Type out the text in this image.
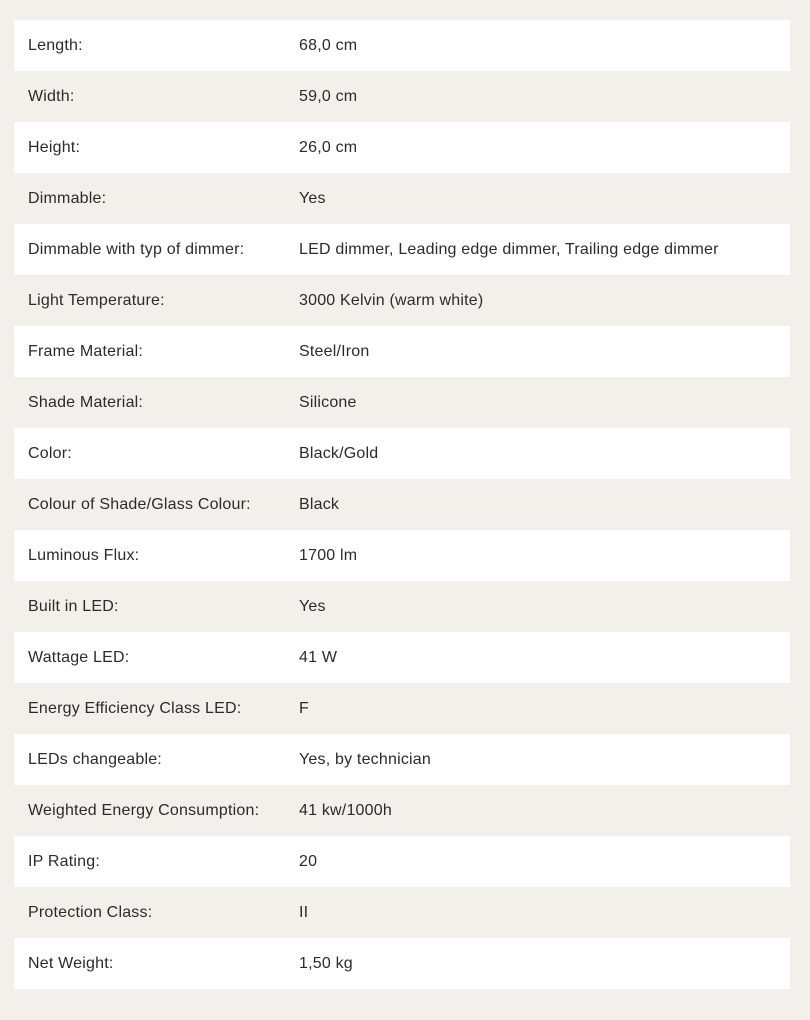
Length:	68,0 cm
Width:	59,0 cm
Height:	26,0 cm
Dimmable:	Yes
Dimmable with typ of dimmer:	LED dimmer, Leading edge dimmer, Trailing edge dimmer
Light Temperature:	3000 Kelvin (warm white)
Frame Material:	Steel/Iron
Shade Material:	Silicone
Color:	Black/Gold
Colour of Shade/Glass Colour:	Black
Luminous Flux:	1700 lm
Built in LED:	Yes
Wattage LED:	41 W
Energy Efficiency Class LED:	F
LEDs changeable:	Yes, by technician
Weighted Energy Consumption:	41 kw/1000h
IP Rating:	20
Protection Class:	II
Net Weight:	1,50 kg
